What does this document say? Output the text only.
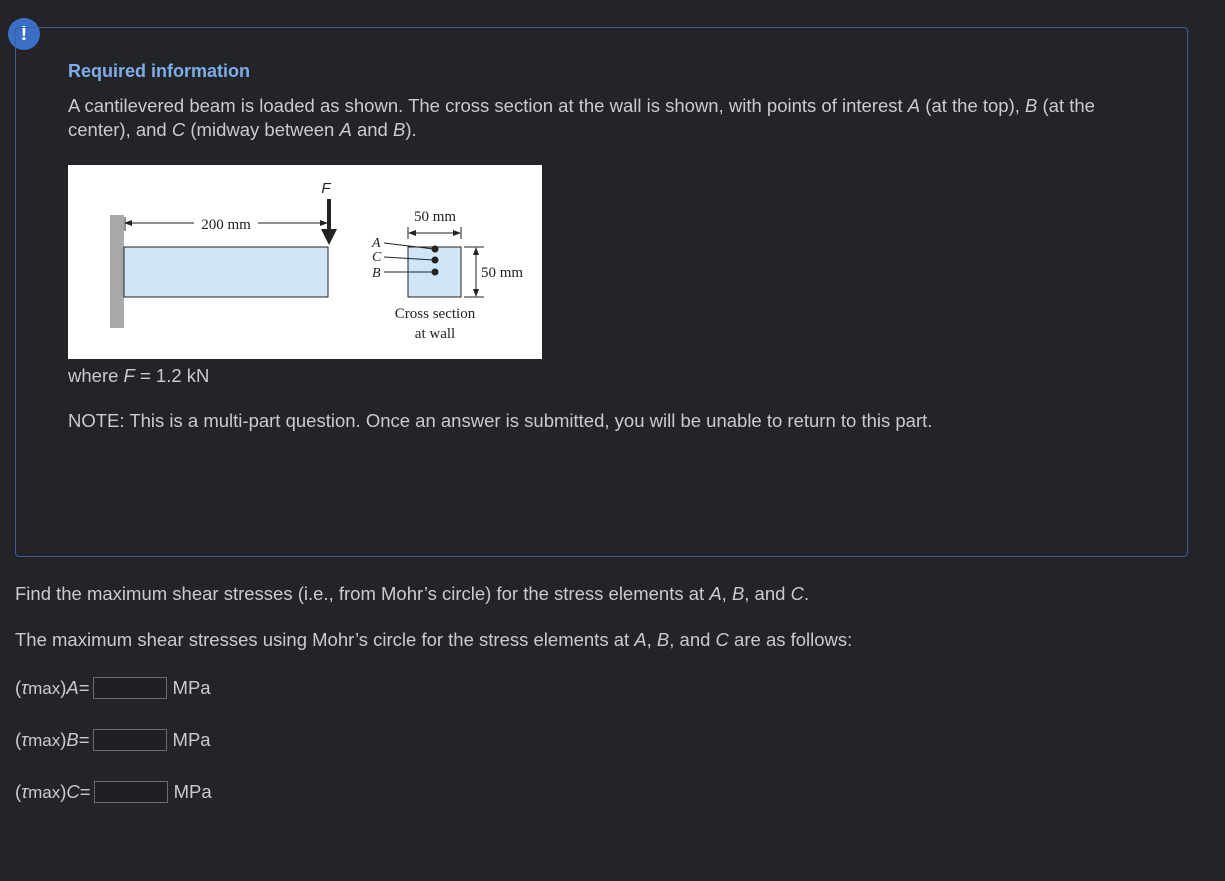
!
Required information

A cantilevered beam is loaded as shown. The cross section at the wall is shown, with points of interest A (at the top), B (at the center), and C (midway between A and B).

200 mm
F
50 mm
50 mm
A
C
B
Cross section
at wall

where F = 1.2 kN

NOTE: This is a multi-part question. Once an answer is submitted, you will be unable to return to this part.

Find the maximum shear stresses (i.e., from Mohr’s circle) for the stress elements at A, B, and C.

The maximum shear stresses using Mohr’s circle for the stress elements at A, B, and C are as follows:

( τ max ) A =	MPa
( τ max ) B =	MPa
( τ max ) C =	MPa
